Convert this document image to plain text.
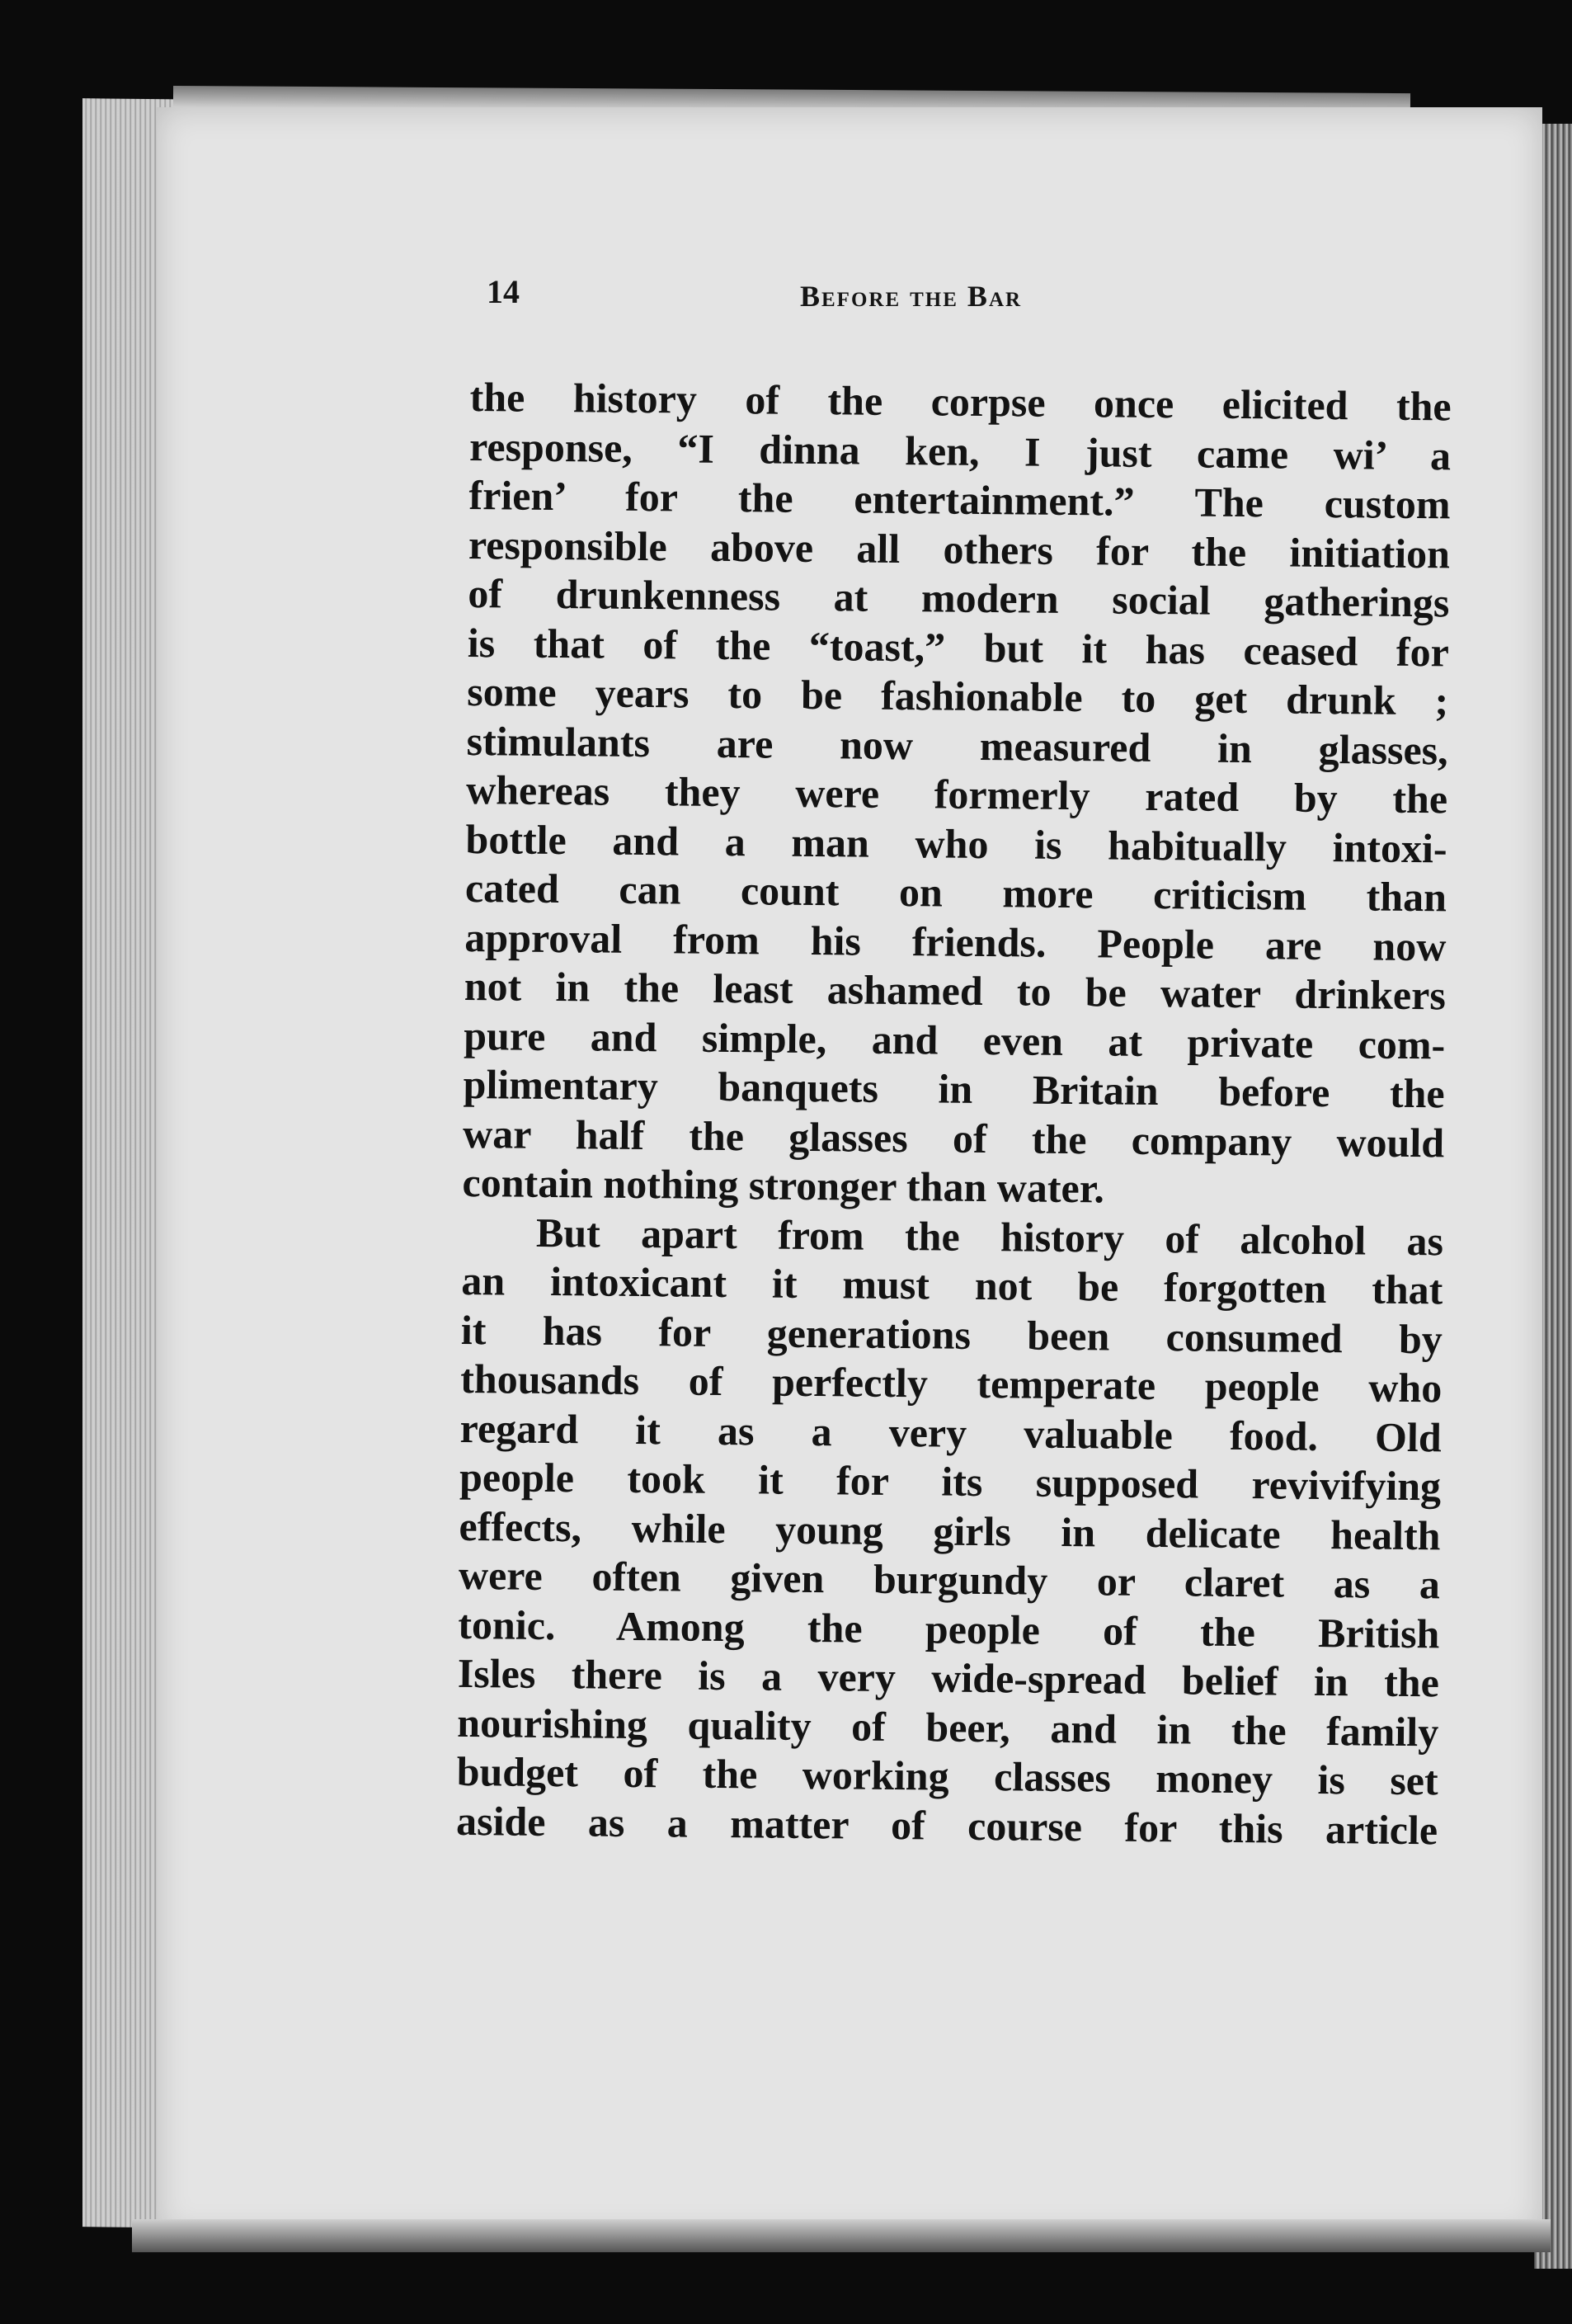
14	Before the Bar
the history of the corpse once elicited the
response, “I dinna ken, I just came wi’ a
frien’ for the entertainment.” The custom
responsible above all others for the initiation
of drunkenness at modern social gatherings
is that of the “toast,” but it has ceased for
some years to be fashionable to get drunk ;
stimulants are now measured in glasses,
whereas they were formerly rated by the
bottle and a man who is habitually intoxi-
cated can count on more criticism than
approval from his friends. People are now
not in the least ashamed to be water drinkers
pure and simple, and even at private com-
plimentary banquets in Britain before the
war half the glasses of the company would
contain nothing stronger than water.
But apart from the history of alcohol as
an intoxicant it must not be forgotten that
it has for generations been consumed by
thousands of perfectly temperate people who
regard it as a very valuable food. Old
people took it for its supposed revivifying
effects, while young girls in delicate health
were often given burgundy or claret as a
tonic. Among the people of the British
Isles there is a very wide-spread belief in the
nourishing quality of beer, and in the family
budget of the working classes money is set
aside as a matter of course for this article
